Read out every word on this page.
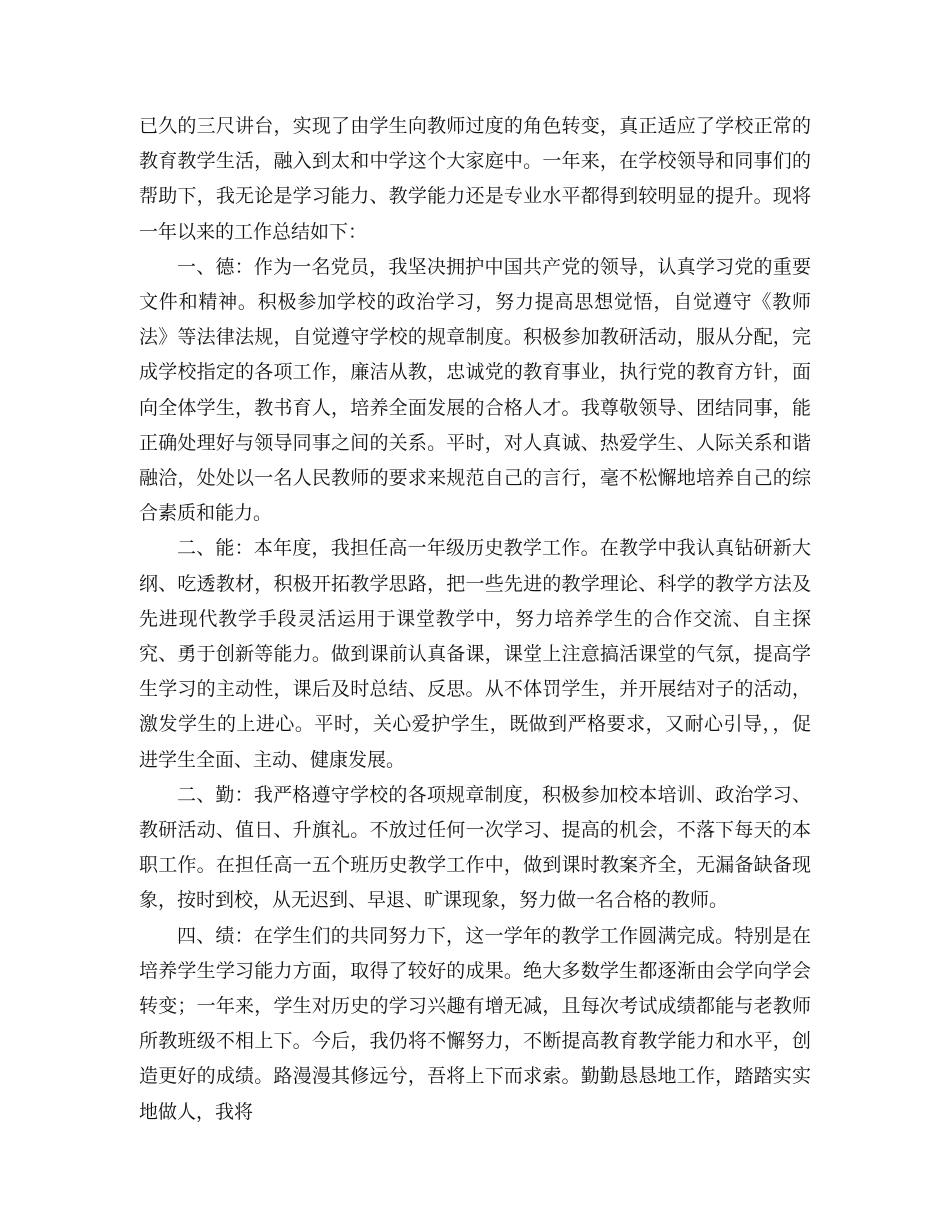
已久的三尺讲台，实现了由学生向教师过度的角色转变，真正适应了学校正常的教育教学生活，融入到太和中学这个大家庭中。一年来，在学校领导和同事们的帮助下，我无论是学习能力、教学能力还是专业水平都得到较明显的提升。现将一年以来的工作总结如下：

一、德：作为一名党员，我坚决拥护中国共产党的领导，认真学习党的重要文件和精神。积极参加学校的政治学习，努力提高思想觉悟，自觉遵守《教师法》等法律法规，自觉遵守学校的规章制度。积极参加教研活动，服从分配，完成学校指定的各项工作，廉洁从教，忠诚党的教育事业，执行党的教育方针，面向全体学生，教书育人，培养全面发展的合格人才。我尊敬领导、团结同事，能正确处理好与领导同事之间的关系。平时，对人真诚、热爱学生、人际关系和谐融洽，处处以一名人民教师的要求来规范自己的言行，毫不松懈地培养自己的综合素质和能力。

二、能：本年度，我担任高一年级历史教学工作。在教学中我认真钻研新大纲、吃透教材，积极开拓教学思路，把一些先进的教学理论、科学的教学方法及先进现代教学手段灵活运用于课堂教学中，努力培养学生的合作交流、自主探究、勇于创新等能力。做到课前认真备课，课堂上注意搞活课堂的气氛，提高学生学习的主动性，课后及时总结、反思。从不体罚学生，并开展结对子的活动，激发学生的上进心。平时，关心爱护学生，既做到严格要求，又耐心引导，，促进学生全面、主动、健康发展。

二、勤：我严格遵守学校的各项规章制度，积极参加校本培训、政治学习、教研活动、值日、升旗礼。不放过任何一次学习、提高的机会，不落下每天的本职工作。在担任高一五个班历史教学工作中，做到课时教案齐全，无漏备缺备现象，按时到校，从无迟到、早退、旷课现象，努力做一名合格的教师。

四、绩：在学生们的共同努力下，这一学年的教学工作圆满完成。特别是在培养学生学习能力方面，取得了较好的成果。绝大多数学生都逐渐由会学向学会转变；一年来，学生对历史的学习兴趣有增无减，且每次考试成绩都能与老教师所教班级不相上下。今后，我仍将不懈努力，不断提高教育教学能力和水平，创造更好的成绩。路漫漫其修远兮，吾将上下而求索。勤勤恳恳地工作，踏踏实实地做人，我将
